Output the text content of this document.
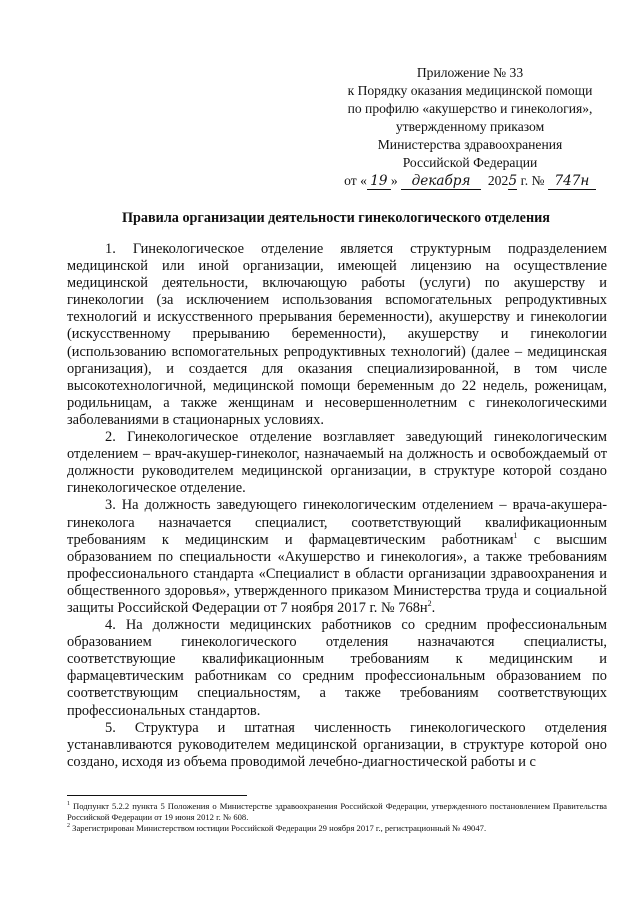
Приложение № 33
к Порядку оказания медицинской помощи
по профилю «акушерство и гинекология»,
утвержденному приказом
Министерства здравоохранения
Российской Федерации
от « 19 » декабря 2025 г. № 747н
Правила организации деятельности гинекологического отделения

1. Гинекологическое отделение является структурным подразделением медицинской или иной организации, имеющей лицензию на осуществление медицинской деятельности, включающую работы (услуги) по акушерству и гинекологии (за исключением использования вспомогательных репродуктивных технологий и искусственного прерывания беременности), акушерству и гинекологии (искусственному прерыванию беременности), акушерству и гинекологии (использованию вспомогательных репродуктивных технологий) (далее – медицинская организация), и создается для оказания специализированной, в том числе высокотехнологичной, медицинской помощи беременным до 22 недель, роженицам, родильницам, а также женщинам и несовершеннолетним с гинекологическими заболеваниями в стационарных условиях.

2. Гинекологическое отделение возглавляет заведующий гинекологическим отделением – врач-акушер-гинеколог, назначаемый на должность и освобождаемый от должности руководителем медицинской организации, в структуре которой создано гинекологическое отделение.

3. На должность заведующего гинекологическим отделением – врача-акушера-гинеколога назначается специалист, соответствующий квалификационным требованиям к медицинским и фармацевтическим работникам$^1$ с высшим образованием по специальности «Акушерство и гинекология», а также требованиям профессионального стандарта «Специалист в области организации здравоохранения и общественного здоровья», утвержденного приказом Министерства труда и социальной защиты Российской Федерации от 7 ноября 2017 г. № $768н^2$.

4. На должности медицинских работников со средним профессиональным образованием гинекологического отделения назначаются специалисты, соответствующие квалификационным требованиям к медицинским и фармацевтическим работникам со средним профессиональным образованием по соответствующим специальностям, а также требованиям соответствующих профессиональных стандартов.

5. Структура и штатная численность гинекологического отделения устанавливаются руководителем медицинской организации, в структуре которой оно создано, исходя из объема проводимой лечебно-диагностической работы и с

$^1$ Подпункт 5.2.2 пункта 5 Положения о Министерстве здравоохранения Российской Федерации, утвержденного постановлением Правительства Российской Федерации от 19 июня 2012 г. № 608.

$^2$ Зарегистрирован Министерством юстиции Российской Федерации 29 ноября 2017 г., регистрационный № 49047.
